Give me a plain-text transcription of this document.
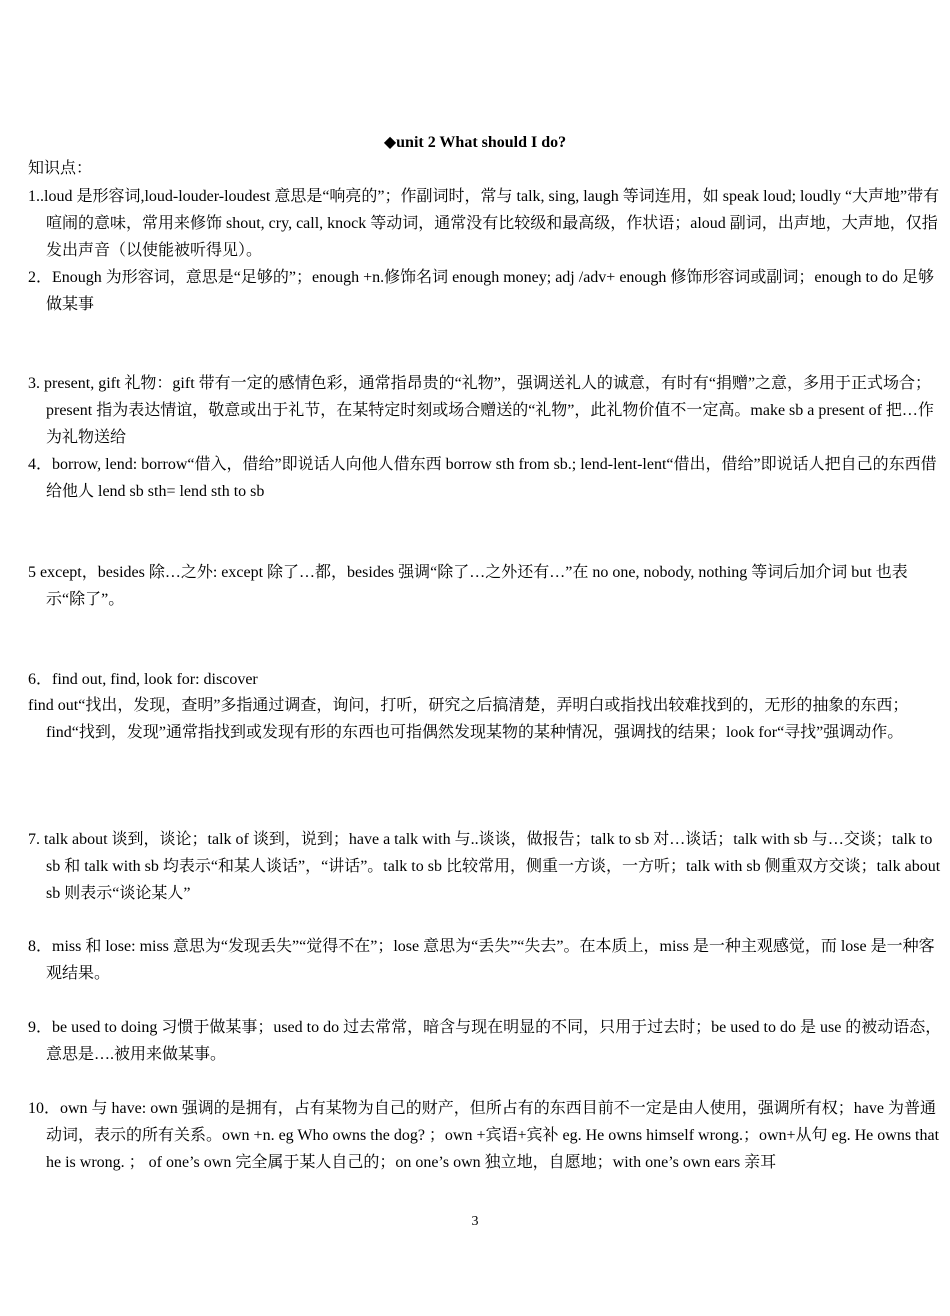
◆unit 2 What should I do?
知识点：
1..loud 是形容词,loud-louder-loudest 意思是“响亮的”；作副词时，常与 talk, sing, laugh 等词连用，如 speak loud; loudly “大声地”带有喧闹的意味，常用来修饰 shout, cry, call, knock 等动词，通常没有比较级和最高级，作状语；aloud 副词，出声地，大声地，仅指发出声音（以使能被听得见）。
2．Enough 为形容词，意思是“足够的”；enough +n.修饰名词 enough money; adj /adv+ enough 修饰形容词或副词；enough to do 足够做某事
3. present, gift 礼物：gift 带有一定的感情色彩，通常指昂贵的“礼物”，强调送礼人的诚意，有时有“捐赠”之意，多用于正式场合；present 指为表达情谊，敬意或出于礼节，在某特定时刻或场合赠送的“礼物”，此礼物价值不一定高。make sb a present of 把…作为礼物送给
4．borrow, lend: borrow“借入，借给”即说话人向他人借东西 borrow sth from sb.; lend-lent-lent“借出，借给”即说话人把自己的东西借给他人 lend sb sth= lend sth to sb
5 except，besides 除…之外: except 除了…都，besides 强调“除了…之外还有…”在 no one, nobody, nothing 等词后加介词 but 也表示“除了”。
6．find out, find, look for: discover
find out“找出，发现，查明”多指通过调查，询问，打听，研究之后搞清楚，弄明白或指找出较难找到的，无形的抽象的东西；find“找到，发现”通常指找到或发现有形的东西也可指偶然发现某物的某种情况，强调找的结果；look for“寻找”强调动作。
7. talk about 谈到，谈论；talk of 谈到，说到；have a talk with 与..谈谈，做报告；talk to sb 对…谈话；talk with sb 与…交谈；talk to sb 和 talk with sb 均表示“和某人谈话”，“讲话”。talk to sb 比较常用，侧重一方谈，一方听；talk with sb 侧重双方交谈；talk about sb 则表示“谈论某人”
8．miss 和 lose: miss 意思为“发现丢失”“觉得不在”；lose 意思为“丢失”“失去”。在本质上，miss 是一种主观感觉，而 lose 是一种客观结果。
9．be used to doing 习惯于做某事；used to do 过去常常，暗含与现在明显的不同，只用于过去时；be used to do 是 use 的被动语态，意思是….被用来做某事。
10．own 与 have: own 强调的是拥有，占有某物为自己的财产，但所占有的东西目前不一定是由人使用，强调所有权；have 为普通动词，表示的所有关系。own +n. eg Who owns the dog? ；own +宾语+宾补 eg. He owns himself wrong.；own+从句 eg. He owns that he is wrong. ； of one’s own 完全属于某人自己的；on one’s own 独立地，自愿地；with one’s own ears 亲耳
3
